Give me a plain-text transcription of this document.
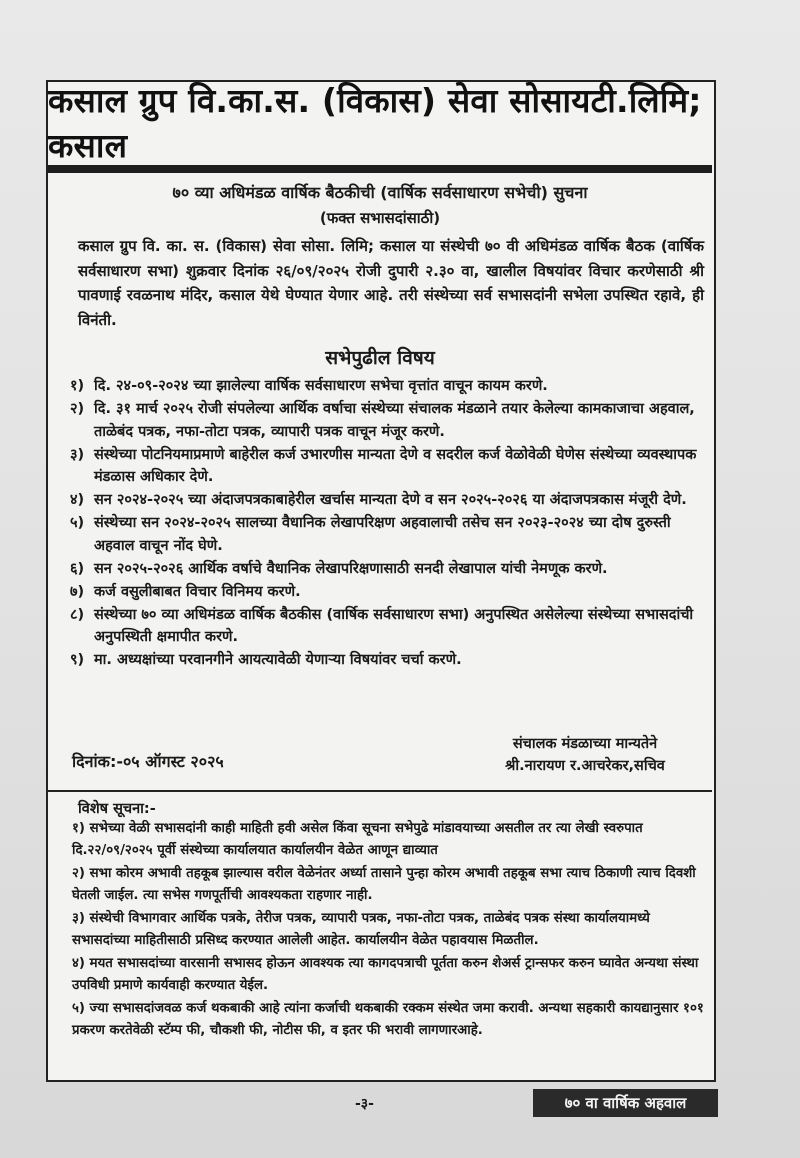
कसाल ग्रुप वि.का.स. (विकास) सेवा सोसायटी.लिमि; कसाल
७० व्या अधिमंडळ वार्षिक बैठकीची (वार्षिक सर्वसाधारण सभेची) सुचना
(फक्त सभासदांसाठी)
कसाल ग्रुप वि. का. स. (विकास) सेवा सोसा. लिमि; कसाल या संस्थेची ७० वी अधिमंडळ वार्षिक बैठक (वार्षिक सर्वसाधारण सभा) शुक्रवार दिनांक २६/०९/२०२५ रोजी दुपारी २.३० वा, खालील विषयांवर विचार करणेसाठी श्री पावणाई रवळनाथ मंदिर, कसाल येथे घेण्यात येणार आहे. तरी संस्थेच्या सर्व सभासदांनी सभेला उपस्थित रहावे, ही विनंती.
सभेपुढील विषय
१) दि. २४-०९-२०२४ च्या झालेल्या वार्षिक सर्वसाधारण सभेचा वृत्तांत वाचून कायम करणे.
२) दि. ३१ मार्च २०२५ रोजी संपलेल्या आर्थिक वर्षाचा संस्थेच्या संचालक मंडळाने तयार केलेल्या कामकाजाचा अहवाल, ताळेबंद पत्रक, नफा-तोटा पत्रक, व्यापारी पत्रक वाचून मंजूर करणे.
३) संस्थेच्या पोटनियमाप्रमाणे बाहेरील कर्ज उभारणीस मान्यता देणे व सदरील कर्ज वेळोवेळी घेणेस संस्थेच्या व्यवस्थापक मंडळास अधिकार देणे.
४) सन २०२४-२०२५ च्या अंदाजपत्रकाबाहेरील खर्चास मान्यता देणे व सन २०२५-२०२६ या अंदाजपत्रकास मंजूरी देणे.
५) संस्थेच्या सन २०२४-२०२५ सालच्या वैधानिक लेखापरिक्षण अहवालाची तसेच सन २०२३-२०२४ च्या दोष दुरुस्ती अहवाल वाचून नोंद घेणे.
६) सन २०२५-२०२६ आर्थिक वर्षाचे वैधानिक लेखापरिक्षणासाठी सनदी लेखापाल यांची नेमणूक करणे.
७) कर्ज वसुलीबाबत विचार विनिमय करणे.
८) संस्थेच्या ७० व्या अधिमंडळ वार्षिक बैठकीस (वार्षिक सर्वसाधारण सभा) अनुपस्थित असेलेल्या संस्थेच्या सभासदांची अनुपस्थिती क्षमापीत करणे.
९) मा. अध्यक्षांच्या परवानगीने आयत्यावेळी येणाऱ्या विषयांवर चर्चा करणे.
दिनांक:-०५ ऑगस्ट २०२५
संचालक मंडळाच्या मान्यतेने
श्री.नारायण र.आचरेकर,सचिव
विशेष सूचना:-
१) सभेच्या वेळी सभासदांनी काही माहिती हवी असेल किंवा सूचना सभेपुढे मांडावयाच्या असतील तर त्या लेखी स्वरुपात दि.२२/०९/२०२५ पूर्वी संस्थेच्या कार्यालयात कार्यालयीन वेळेत आणून द्याव्यात
२) सभा कोरम अभावी तहकूब झाल्यास वरील वेळेनंतर अर्ध्या तासाने पुन्हा कोरम अभावी तहकूब सभा त्याच ठिकाणी त्याच दिवशी घेतली जाईल. त्या सभेस गणपूर्तीची आवश्यकता राहणार नाही.
३) संस्थेची विभागवार आर्थिक पत्रके, तेरीज पत्रक, व्यापारी पत्रक, नफा-तोटा पत्रक, ताळेबंद पत्रक संस्था कार्यालयामध्ये सभासदांच्या माहितीसाठी प्रसिध्द करण्यात आलेली आहेत. कार्यालयीन वेळेत पहावयास मिळतील.
४) मयत सभासदांच्या वारसानी सभासद होऊन आवश्यक त्या कागदपत्राची पूर्तता करुन शेअर्स ट्रान्सफर करुन घ्यावेत अन्यथा संस्था उपविधी प्रमाणे कार्यवाही करण्यात येईल.
५) ज्या सभासदांजवळ कर्ज थकबाकी आहे त्यांना कर्जाची थकबाकी रक्कम संस्थेत जमा करावी. अन्यथा सहकारी कायद्यानुसार १०१ प्रकरण करतेवेळी स्टॅम्प फी, चौकशी फी, नोटीस फी, व इतर फी भरावी लागणारआहे.
-३-	७० वा वार्षिक अहवाल
